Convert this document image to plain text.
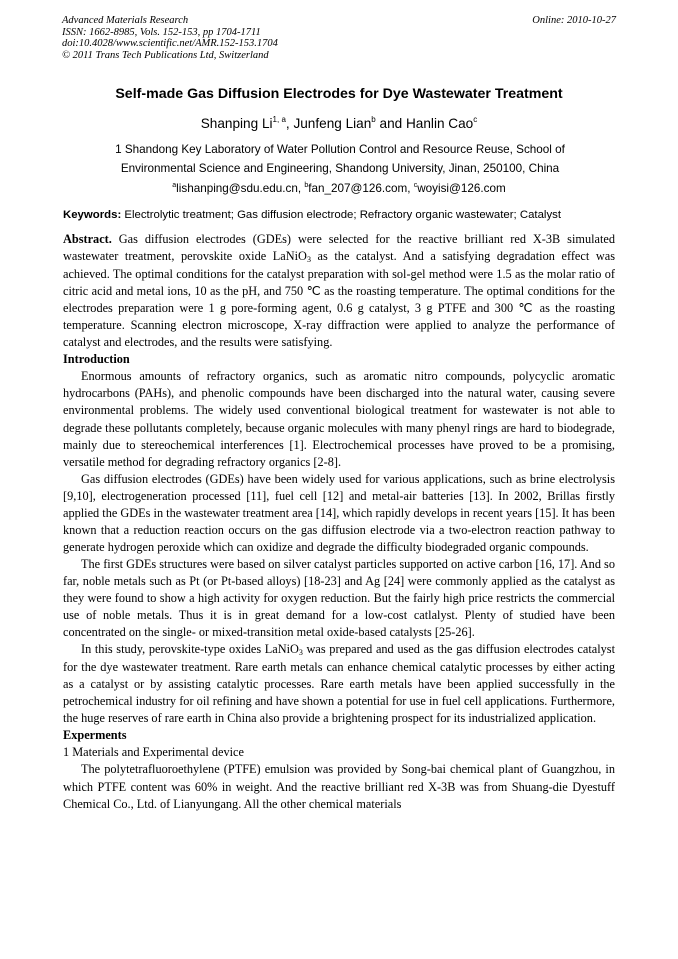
Advanced Materials Research
ISSN: 1662-8985, Vols. 152-153, pp 1704-1711
doi:10.4028/www.scientific.net/AMR.152-153.1704
© 2011 Trans Tech Publications Ltd, Switzerland
Online: 2010-10-27
Self-made Gas Diffusion Electrodes for Dye Wastewater Treatment
Shanping Li$^{1, a}$, Junfeng Lian$^b$ and Hanlin Cao$^c$
1 Shandong Key Laboratory of Water Pollution Control and Resource Reuse, School of
Environmental Science and Engineering, Shandong University, Jinan, 250100, China
$^a$lishanping@sdu.edu.cn, $^b$fan_207@126.com, $^c$woyisi@126.com
Keywords: Electrolytic treatment; Gas diffusion electrode; Refractory organic wastewater; Catalyst

Abstract. Gas diffusion electrodes (GDEs) were selected for the reactive brilliant red X-3B simulated wastewater treatment, perovskite oxide LaNiO$_3$ as the catalyst. And a satisfying degradation effect was achieved. The optimal conditions for the catalyst preparation with sol-gel method were 1.5 as the molar ratio of citric acid and metal ions, 10 as the pH, and 750 ℃ as the roasting temperature. The optimal conditions for the electrodes preparation were 1 g pore-forming agent, 0.6 g catalyst, 3 g PTFE and 300 ℃ as the roasting temperature. Scanning electron microscope, X-ray diffraction were applied to analyze the performance of catalyst and electrodes, and the results were satisfying.

Introduction

Enormous amounts of refractory organics, such as aromatic nitro compounds, polycyclic aromatic hydrocarbons (PAHs), and phenolic compounds have been discharged into the natural water, causing severe environmental problems. The widely used conventional biological treatment for wastewater is not able to degrade these pollutants completely, because organic molecules with many phenyl rings are hard to biodegrade, mainly due to stereochemical interferences [1]. Electrochemical processes have proved to be a promising, versatile method for degrading refractory organics [2-8].

Gas diffusion electrodes (GDEs) have been widely used for various applications, such as brine electrolysis [9,10], electrogeneration processed [11], fuel cell [12] and metal-air batteries [13]. In 2002, Brillas firstly applied the GDEs in the wastewater treatment area [14], which rapidly develops in recent years [15]. It has been known that a reduction reaction occurs on the gas diffusion electrode via a two-electron reaction pathway to generate hydrogen peroxide which can oxidize and degrade the difficulty biodegraded organic compounds.

The first GDEs structures were based on silver catalyst particles supported on active carbon [16, 17]. And so far, noble metals such as Pt (or Pt-based alloys) [18-23] and Ag [24] were commonly applied as the catalyst as they were found to show a high activity for oxygen reduction. But the fairly high price restricts the commercial use of noble metals. Thus it is in great demand for a low-cost catlalyst. Plenty of studied have been concentrated on the single- or mixed-transition metal oxide-based catalysts [25-26].

In this study, perovskite-type oxides LaNiO$_3$ was prepared and used as the gas diffusion electrodes catalyst for the dye wastewater treatment. Rare earth metals can enhance chemical catalytic processes by either acting as a catalyst or by assisting catalytic processes. Rare earth metals have been applied successfully in the petrochemical industry for oil refining and have shown a potential for use in fuel cell applications. Furthermore, the huge reserves of rare earth in China also provide a brightening prospect for its industrialized application.

Experments

1 Materials and Experimental device

The polytetrafluoroethylene (PTFE) emulsion was provided by Song-bai chemical plant of Guangzhou, in which PTFE content was 60% in weight. And the reactive brilliant red X-3B was from Shuang-die Dyestuff Chemical Co., Ltd. of Lianyungang. All the other chemical materials
